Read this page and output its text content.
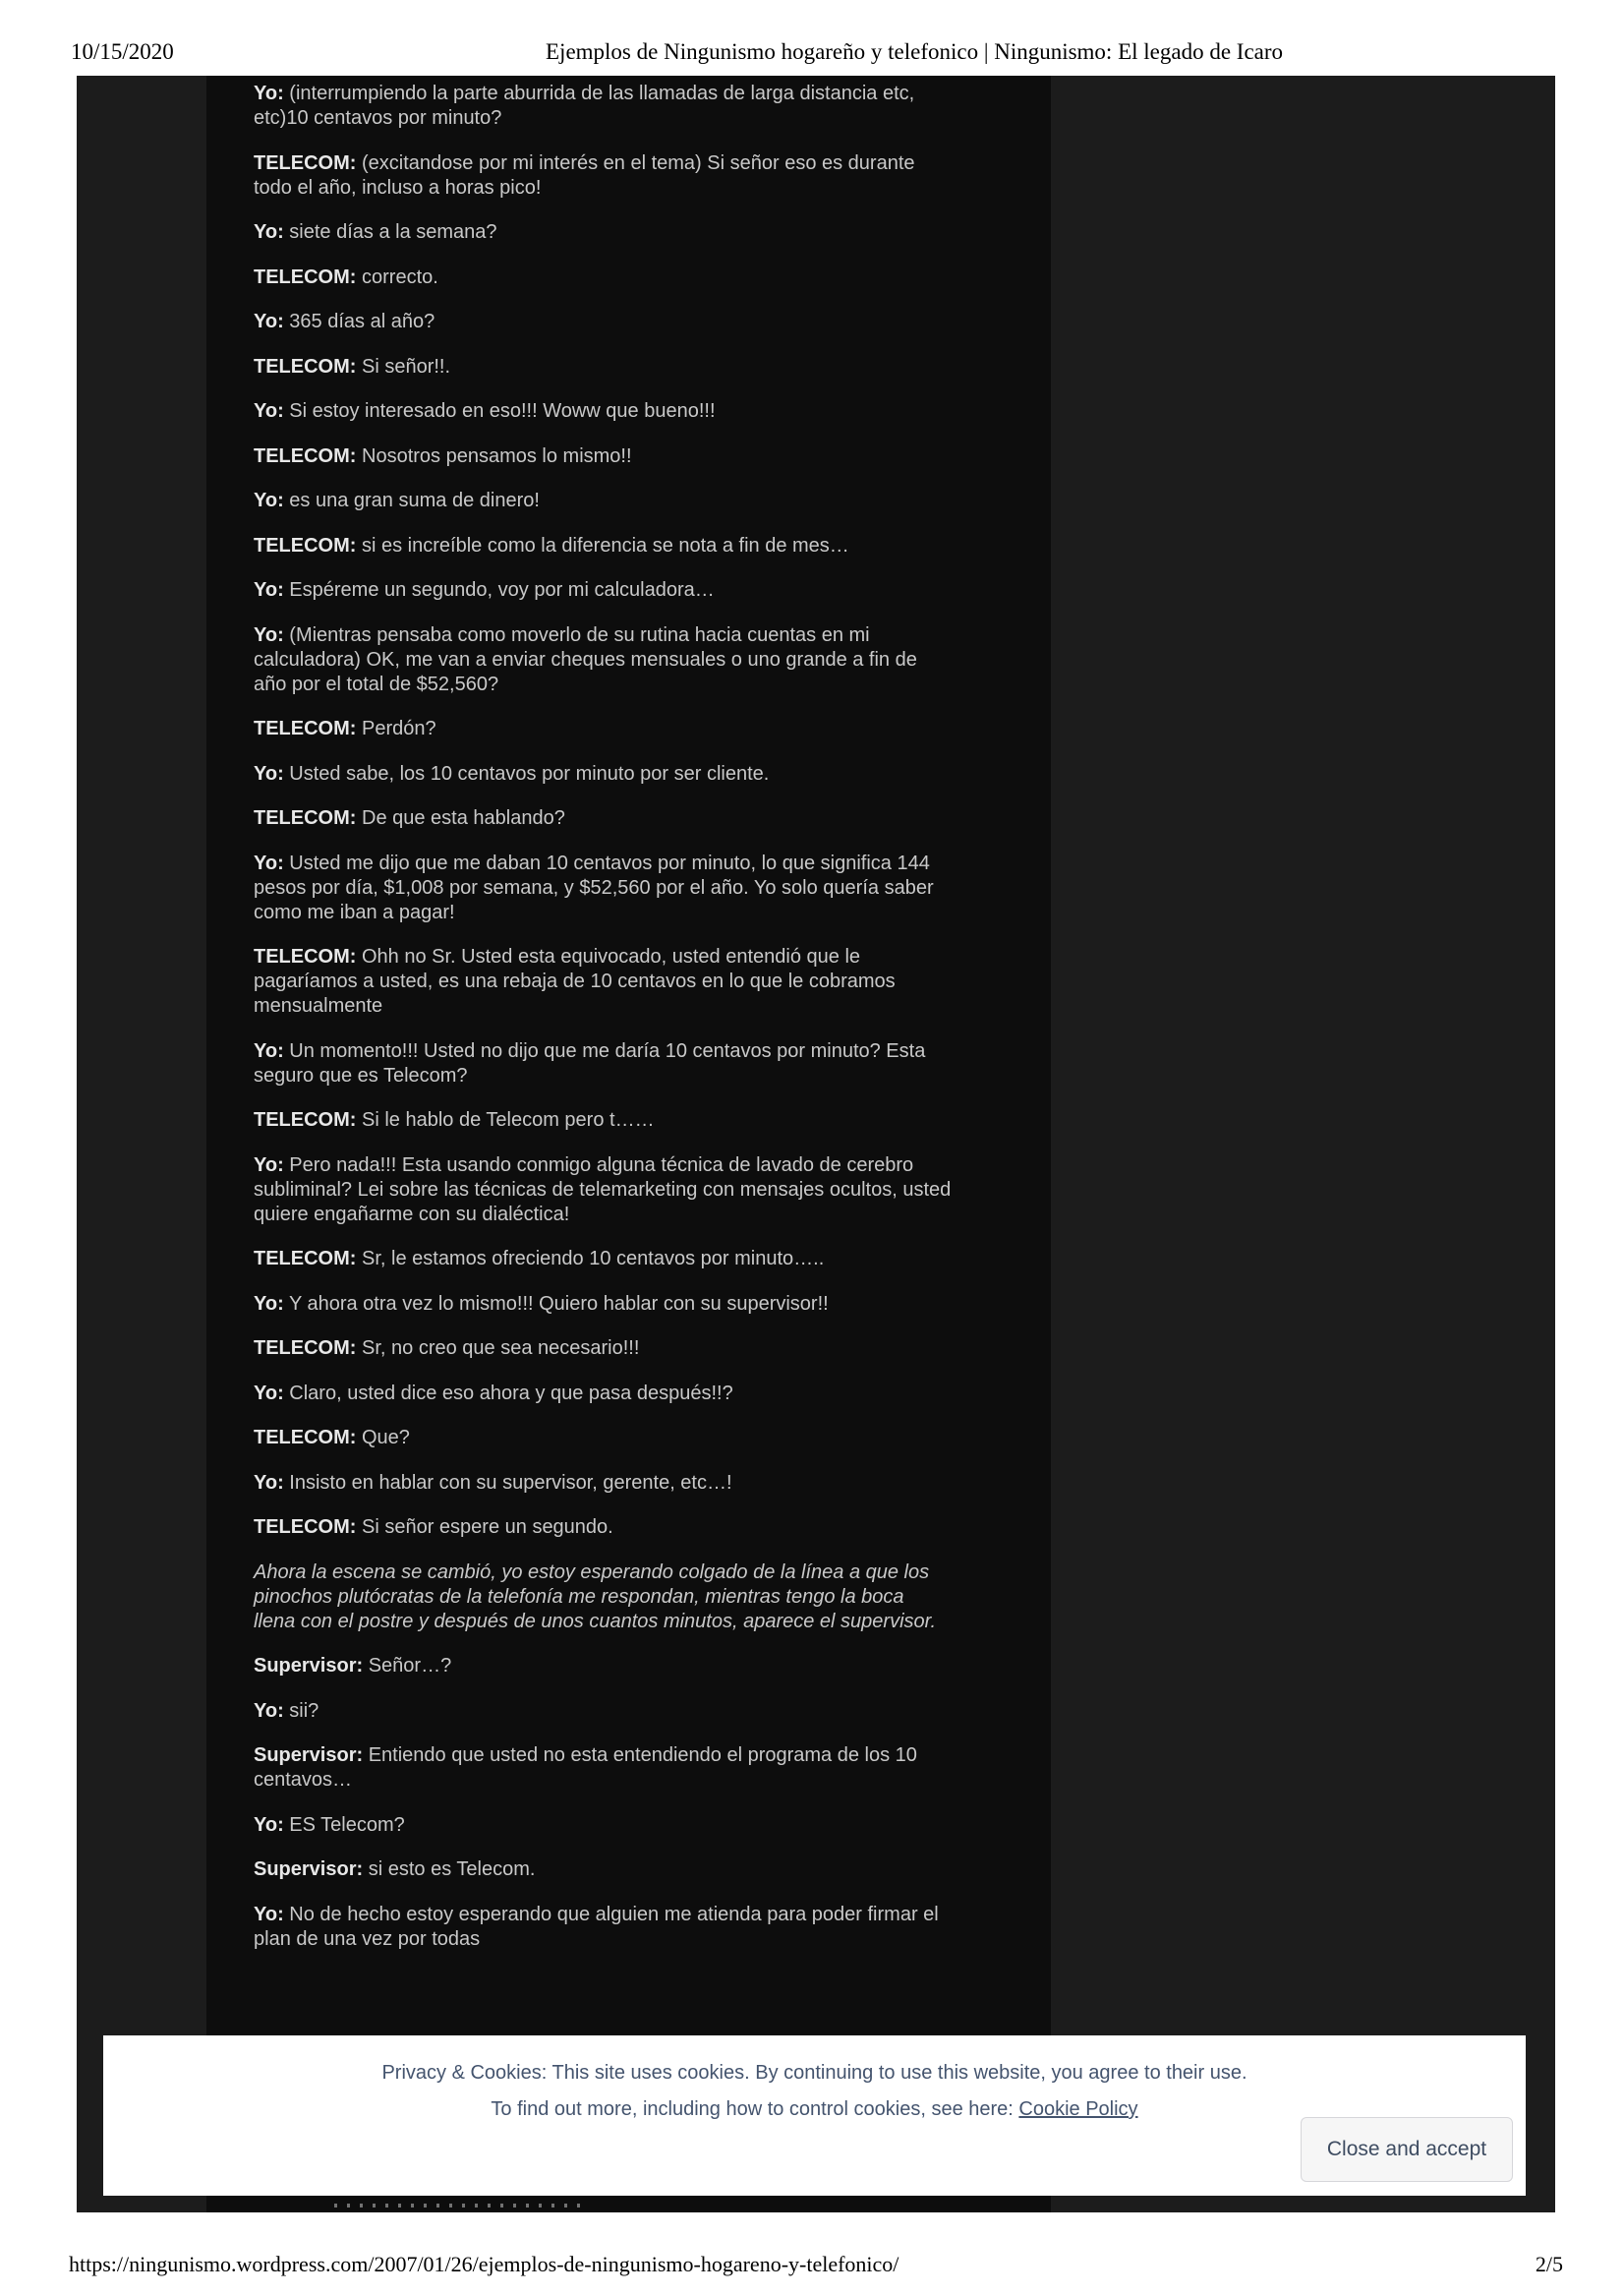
10/15/2020	Ejemplos de Ningunismo hogareño y telefonico | Ningunismo: El legado de Icaro

Yo: (interrumpiendo la parte aburrida de las llamadas de larga distancia etc,
etc)10 centavos por minuto?

TELECOM: (excitandose por mi interés en el tema) Si señor eso es durante
todo el año, incluso a horas pico!

Yo: siete días a la semana?

TELECOM: correcto.

Yo: 365 días al año?

TELECOM: Si señor!!.

Yo: Si estoy interesado en eso!!! Woww que bueno!!!

TELECOM: Nosotros pensamos lo mismo!!

Yo: es una gran suma de dinero!

TELECOM: si es increíble como la diferencia se nota a fin de mes…

Yo: Espéreme un segundo, voy por mi calculadora…

Yo: (Mientras pensaba como moverlo de su rutina hacia cuentas en mi
calculadora) OK, me van a enviar cheques mensuales o uno grande a fin de
año por el total de $52,560?

TELECOM: Perdón?

Yo: Usted sabe, los 10 centavos por minuto por ser cliente.

TELECOM: De que esta hablando?

Yo: Usted me dijo que me daban 10 centavos por minuto, lo que significa 144
pesos por día, $1,008 por semana, y $52,560 por el año. Yo solo quería saber
como me iban a pagar!

TELECOM: Ohh no Sr. Usted esta equivocado, usted entendió que le
pagaríamos a usted, es una rebaja de 10 centavos en lo que le cobramos
mensualmente

Yo: Un momento!!! Usted no dijo que me daría 10 centavos por minuto? Esta
seguro que es Telecom?

TELECOM: Si le hablo de Telecom pero t……

Yo: Pero nada!!! Esta usando conmigo alguna técnica de lavado de cerebro
subliminal? Lei sobre las técnicas de telemarketing con mensajes ocultos, usted
quiere engañarme con su dialéctica!

TELECOM: Sr, le estamos ofreciendo 10 centavos por minuto…..

Yo: Y ahora otra vez lo mismo!!! Quiero hablar con su supervisor!!

TELECOM: Sr, no creo que sea necesario!!!

Yo: Claro, usted dice eso ahora y que pasa después!!?

TELECOM: Que?

Yo: Insisto en hablar con su supervisor, gerente, etc…!

TELECOM: Si señor espere un segundo.

Ahora la escena se cambió, yo estoy esperando colgado de la línea a que los
pinochos plutócratas de la telefonía me respondan, mientras tengo la boca
llena con el postre y después de unos cuantos minutos, aparece el supervisor.

Supervisor: Señor…?

Yo: sii?

Supervisor: Entiendo que usted no esta entendiendo el programa de los 10
centavos…

Yo: ES Telecom?

Supervisor: si esto es Telecom.

Yo: No de hecho estoy esperando que alguien me atienda para poder firmar el
plan de una vez por todas

Privacy & Cookies: This site uses cookies. By continuing to use this website, you agree to their use.
To find out more, including how to control cookies, see here: Cookie Policy
Close and accept
https://ningunismo.wordpress.com/2007/01/26/ejemplos-de-ningunismo-hogareno-y-telefonico/	2/5
